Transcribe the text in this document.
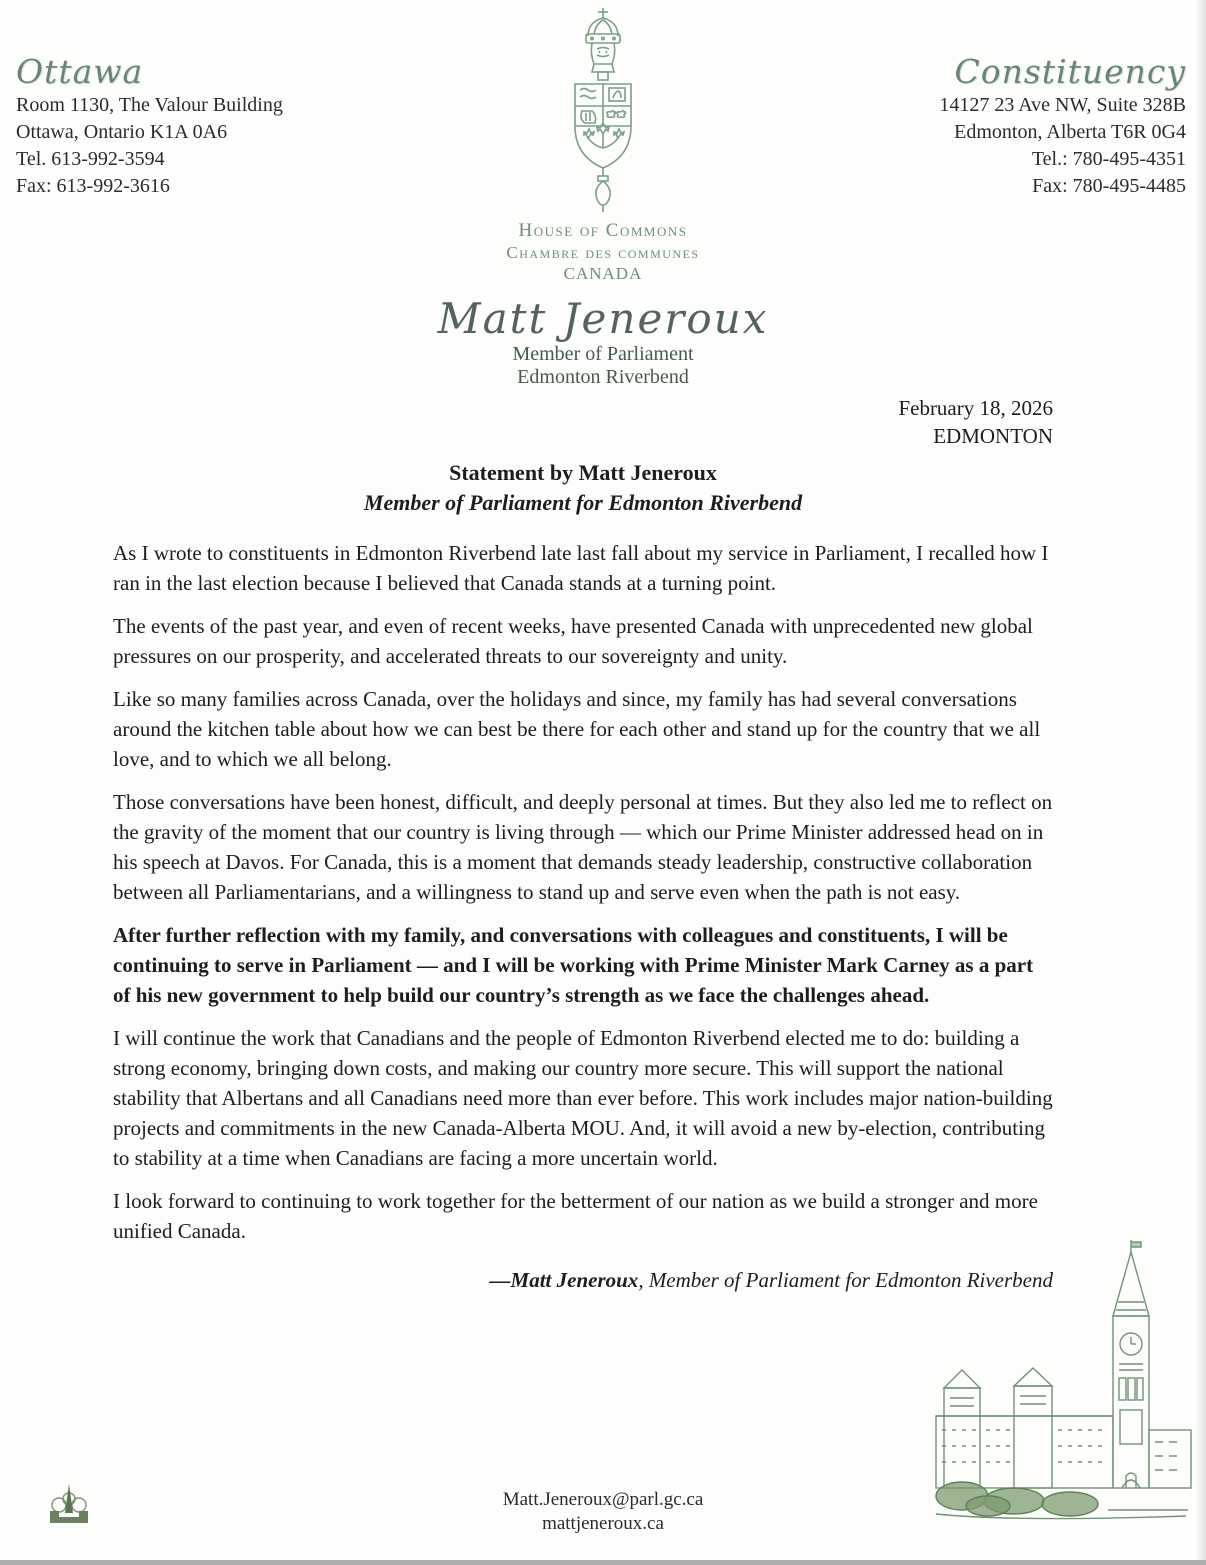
Ottawa
Room 1130, The Valour Building
Ottawa, Ontario K1A 0A6
Tel. 613-992-3594
Fax: 613-992-3616
Constituency
14127 23 Ave NW, Suite 328B
Edmonton, Alberta T6R 0G4
Tel.: 780-495-4351
Fax: 780-495-4485
House of Commons
Chambre des communes
CANADA
Matt Jeneroux
Member of Parliament
Edmonton Riverbend
February 18, 2026
EDMONTON
Statement by Matt Jeneroux
Member of Parliament for Edmonton Riverbend

As I wrote to constituents in Edmonton Riverbend late last fall about my service in Parliament, I recalled how I ran in the last election because I believed that Canada stands at a turning point.

The events of the past year, and even of recent weeks, have presented Canada with unprecedented new global pressures on our prosperity, and accelerated threats to our sovereignty and unity.

Like so many families across Canada, over the holidays and since, my family has had several conversations around the kitchen table about how we can best be there for each other and stand up for the country that we all love, and to which we all belong.

Those conversations have been honest, difficult, and deeply personal at times. But they also led me to reflect on the gravity of the moment that our country is living through — which our Prime Minister addressed head on in his speech at Davos. For Canada, this is a moment that demands steady leadership, constructive collaboration between all Parliamentarians, and a willingness to stand up and serve even when the path is not easy.

After further reflection with my family, and conversations with colleagues and constituents, I will be continuing to serve in Parliament — and I will be working with Prime Minister Mark Carney as a part of his new government to help build our country’s strength as we face the challenges ahead.

I will continue the work that Canadians and the people of Edmonton Riverbend elected me to do: building a strong economy, bringing down costs, and making our country more secure. This will support the national stability that Albertans and all Canadians need more than ever before. This work includes major nation-building projects and commitments in the new Canada-Alberta MOU. And, it will avoid a new by-election, contributing to stability at a time when Canadians are facing a more uncertain world.

I look forward to continuing to work together for the betterment of our nation as we build a stronger and more unified Canada.

—Matt Jeneroux, Member of Parliament for Edmonton Riverbend
Matt.Jeneroux@parl.gc.ca
mattjeneroux.ca
